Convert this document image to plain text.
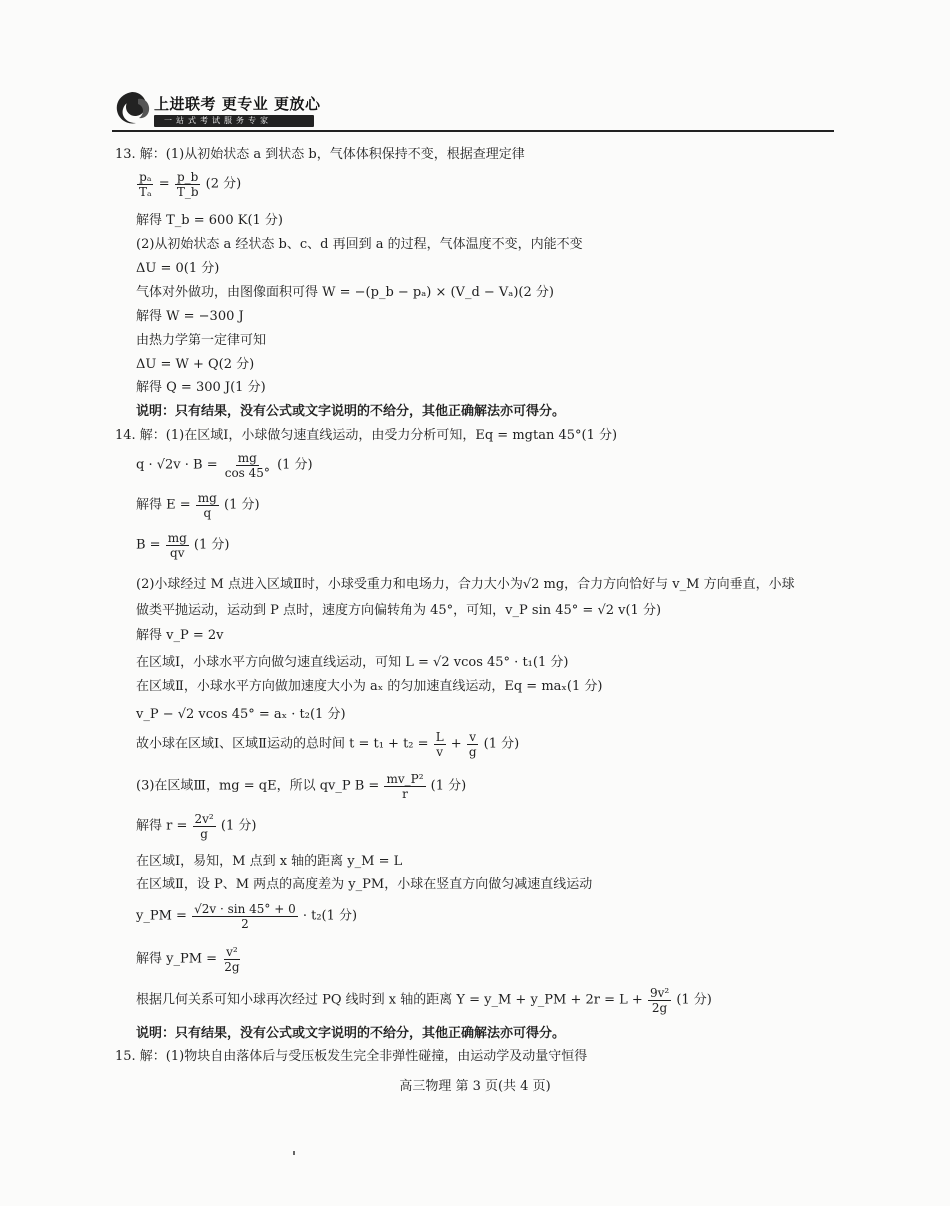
上进联考 更专业 更放心
一站式考试服务专家
13. 解：(1)从初始状态 a 到状态 b，气体体积保持不变，根据查理定律
$\frac{\text{pₐ}}{\text{Tₐ}} = \frac{p\_b}{T\_b} (2$ 分)
解得 T_b = 600 K(1 分)
(2)从初始状态 a 经状态 b、c、d 再回到 a 的过程，气体温度不变，内能不变
ΔU = 0(1 分)
气体对外做功，由图像面积可得 W = −(p_b − pₐ) × (V_d − Vₐ)(2 分)
解得 W = −300 J
由热力学第一定律可知
ΔU = W + Q(2 分)
解得 Q = 300 J(1 分)
说明：只有结果，没有公式或文字说明的不给分，其他正确解法亦可得分。
14. 解：(1)在区域Ⅰ，小球做匀速直线运动，由受力分析可知，Eq = mgtan 45°(1 分)
$q \cdot √2v \cdot B = \frac{mg}{\cos 45^\circ} (1$ 分)
解得 $E = \frac{mg}{q} (1$ 分)
$B = \frac{mg}{qv} (1$ 分)
(2)小球经过 M 点进入区域Ⅱ时，小球受重力和电场力，合力大小为√2 mg，合力方向恰好与 v_M 方向垂直，小球
做类平抛运动，运动到 P 点时，速度方向偏转角为 45°，可知，v_P sin 45° = √2 v(1 分)
解得 v_P = 2v
在区域Ⅰ，小球水平方向做匀速直线运动，可知 L = √2 vcos 45° · t₁(1 分)
在区域Ⅱ，小球水平方向做加速度大小为 aₓ 的匀加速直线运动，Eq = maₓ(1 分)
v_P − √2 vcos 45° = aₓ · t₂(1 分)
故小球在区域Ⅰ、区域Ⅱ运动的总时间 $t = t_1 + t_2 = \frac{L}{v} + \frac{v}{g} (1$ 分)
(3)在区域Ⅲ，mg = qE，所以 qv_P $B = \frac{\text{mv\_P²}}{r} (1$ 分)
解得 $r = \frac{\text{2v²}}{g} (1$ 分)
在区域Ⅰ，易知，M 点到 x 轴的距离 y_M = L
在区域Ⅱ，设 P、M 两点的高度差为 y_PM，小球在竖直方向做匀减速直线运动
y_PM = $\frac{√2v \cdot \sin 45^\circ + 0}{2} \cdot t_2(1$ 分)
解得 y_PM = $\frac{\text{v²}}{2g}$
根据几何关系可知小球再次经过 PQ 线时到 x 轴的距离 Y = y_M + y_PM + $2r = L + \frac{\text{9v²}}{2g} (1$ 分)
说明：只有结果，没有公式或文字说明的不给分，其他正确解法亦可得分。
15. 解：(1)物块自由落体后与受压板发生完全非弹性碰撞，由运动学及动量守恒得
高三物理 第 3 页(共 4 页)
